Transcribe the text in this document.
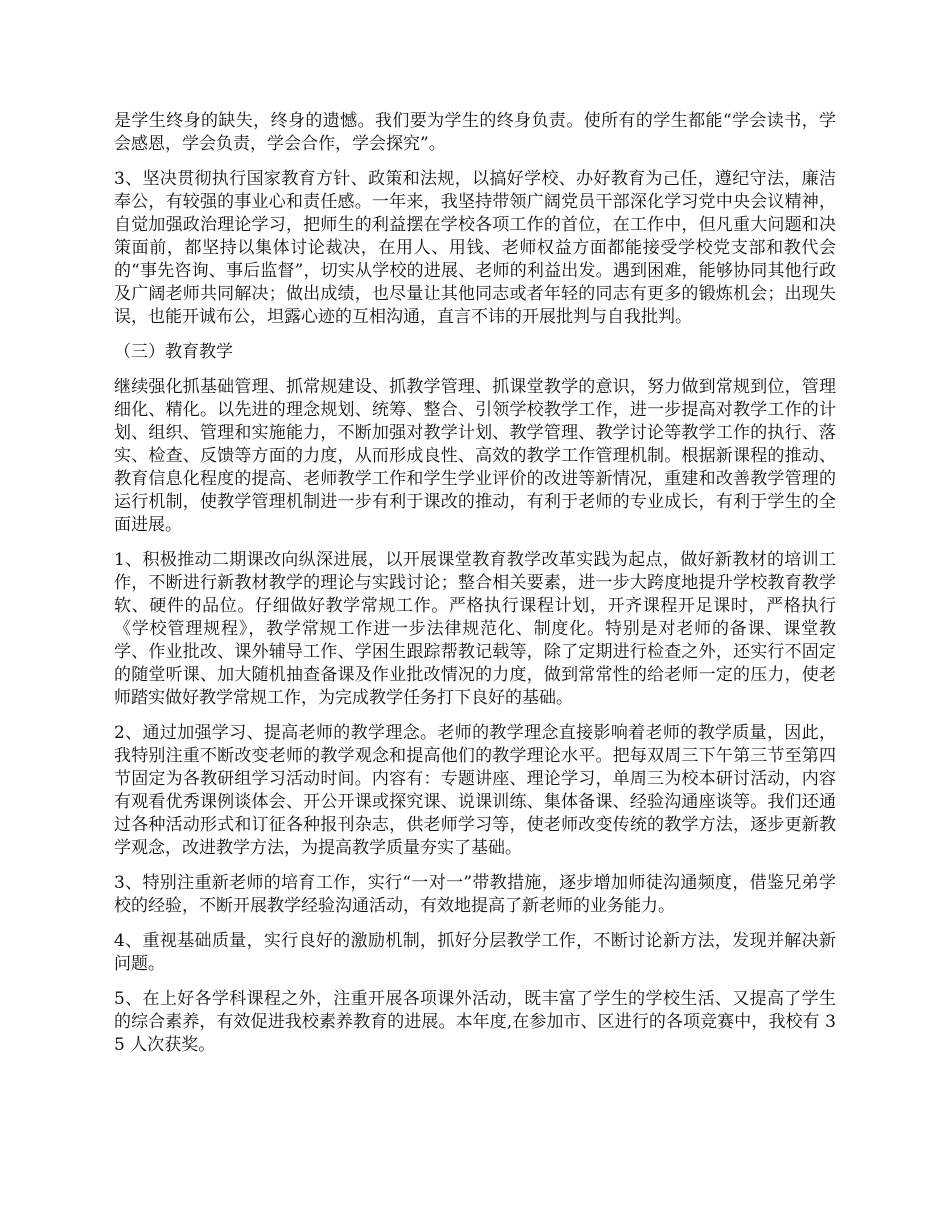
是学生终身的缺失，终身的遗憾。我们要为学生的终身负责。使所有的学生都能“学会读书，学会感恩，学会负责，学会合作，学会探究”。

3、坚决贯彻执行国家教育方针、政策和法规，以搞好学校、办好教育为己任，遵纪守法，廉洁奉公，有较强的事业心和责任感。一年来，我坚持带领广阔党员干部深化学习党中央会议精神，自觉加强政治理论学习，把师生的利益摆在学校各项工作的首位，在工作中，但凡重大问题和决策面前，都坚持以集体讨论裁决，在用人、用钱、老师权益方面都能接受学校党支部和教代会的“事先咨询、事后监督”，切实从学校的进展、老师的利益出发。遇到困难，能够协同其他行政及广阔老师共同解决；做出成绩，也尽量让其他同志或者年轻的同志有更多的锻炼机会；出现失误，也能开诚布公，坦露心迹的互相沟通，直言不讳的开展批判与自我批判。

（三）教育教学

继续强化抓基础管理、抓常规建设、抓教学管理、抓课堂教学的意识，努力做到常规到位，管理细化、精化。以先进的理念规划、统筹、整合、引领学校教学工作，进一步提高对教学工作的计划、组织、管理和实施能力，不断加强对教学计划、教学管理、教学讨论等教学工作的执行、落实、检查、反馈等方面的力度，从而形成良性、高效的教学工作管理机制。根据新课程的推动、教育信息化程度的提高、老师教学工作和学生学业评价的改进等新情况，重建和改善教学管理的运行机制，使教学管理机制进一步有利于课改的推动，有利于老师的专业成长，有利于学生的全面进展。

1、积极推动二期课改向纵深进展，以开展课堂教育教学改革实践为起点，做好新教材的培训工作，不断进行新教材教学的理论与实践讨论；整合相关要素，进一步大跨度地提升学校教育教学软、硬件的品位。仔细做好教学常规工作。严格执行课程计划，开齐课程开足课时，严格执行《学校管理规程》，教学常规工作进一步法律规范化、制度化。特别是对老师的备课、课堂教学、作业批改、课外辅导工作、学困生跟踪帮教记载等，除了定期进行检查之外，还实行不固定的随堂听课、加大随机抽查备课及作业批改情况的力度，做到常常性的给老师一定的压力，使老师踏实做好教学常规工作，为完成教学任务打下良好的基础。

2、通过加强学习、提高老师的教学理念。老师的教学理念直接影响着老师的教学质量，因此，我特别注重不断改变老师的教学观念和提高他们的教学理论水平。把每双周三下午第三节至第四节固定为各教研组学习活动时间。内容有：专题讲座、理论学习，单周三为校本研讨活动，内容有观看优秀课例谈体会、开公开课或探究课、说课训练、集体备课、经验沟通座谈等。我们还通过各种活动形式和订征各种报刊杂志，供老师学习等，使老师改变传统的教学方法，逐步更新教学观念，改进教学方法，为提高教学质量夯实了基础。

3、特别注重新老师的培育工作，实行“一对一”带教措施，逐步增加师徒沟通频度，借鉴兄弟学校的经验，不断开展教学经验沟通活动，有效地提高了新老师的业务能力。

4、重视基础质量，实行良好的激励机制，抓好分层教学工作，不断讨论新方法，发现并解决新问题。

5、在上好各学科课程之外，注重开展各项课外活动，既丰富了学生的学校生活、又提高了学生的综合素养，有效促进我校素养教育的进展。本年度,在参加市、区进行的各项竞赛中，我校有 35 人次获奖。
